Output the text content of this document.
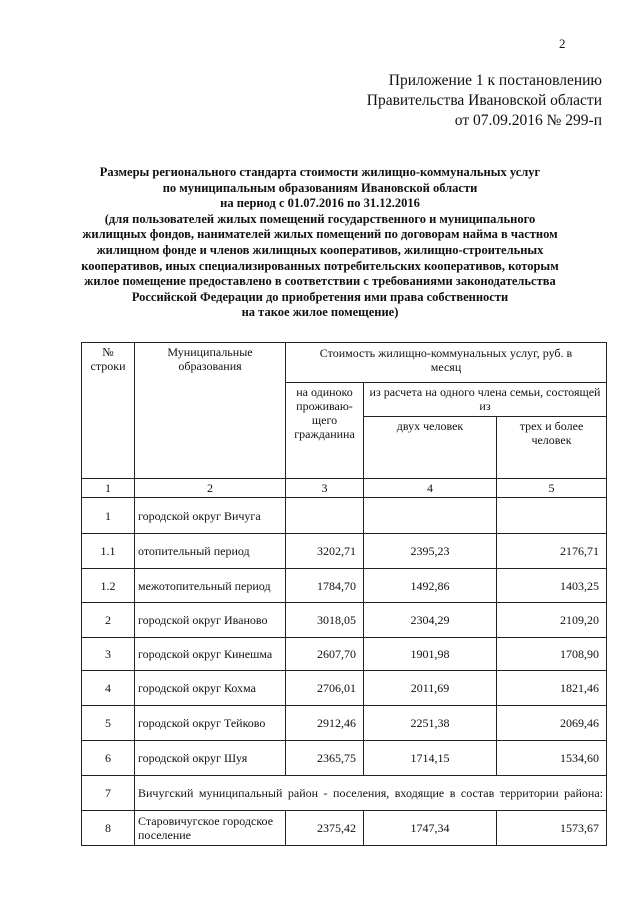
2
Приложение 1 к постановлению
Правительства Ивановской области
от 07.09.2016 № 299-п
Размеры регионального стандарта стоимости жилищно-коммунальных услуг
по муниципальным образованиям Ивановской области
на период с 01.07.2016 по 31.12.2016
(для пользователей жилых помещений государственного и муниципального
жилищных фондов, нанимателей жилых помещений по договорам найма в частном
жилищном фонде и членов жилищных кооперативов, жилищно-строительных
кооперативов, иных специализированных потребительских кооперативов, которым
жилое помещение предоставлено в соответствии с требованиями законодательства
Российской Федерации до приобретения ими права собственности
на такое жилое помещение)
№ строки	Муниципальные образования	Стоимость жилищно-коммунальных услуг, руб. в месяц		
		на одиноко проживаю-щего гражданина	из расчета на одного члена семьи, состоящей из	
			двух человек	трех и более человек
1	2	3	4	5
1	городской округ Вичуга			
1.1	отопительный период	3202,71	2395,23	2176,71
1.2	межотопительный период	1784,70	1492,86	1403,25
2	городской округ Иваново	3018,05	2304,29	2109,20
3	городской округ Кинешма	2607,70	1901,98	1708,90
4	городской округ Кохма	2706,01	2011,69	1821,46
5	городской округ Тейково	2912,46	2251,38	2069,46
6	городской округ Шуя	2365,75	1714,15	1534,60
7	Вичугский муниципальный район - поселения, входящие в состав территории района:			
8	Старовичугское городское поселение	2375,42	1747,34	1573,67
